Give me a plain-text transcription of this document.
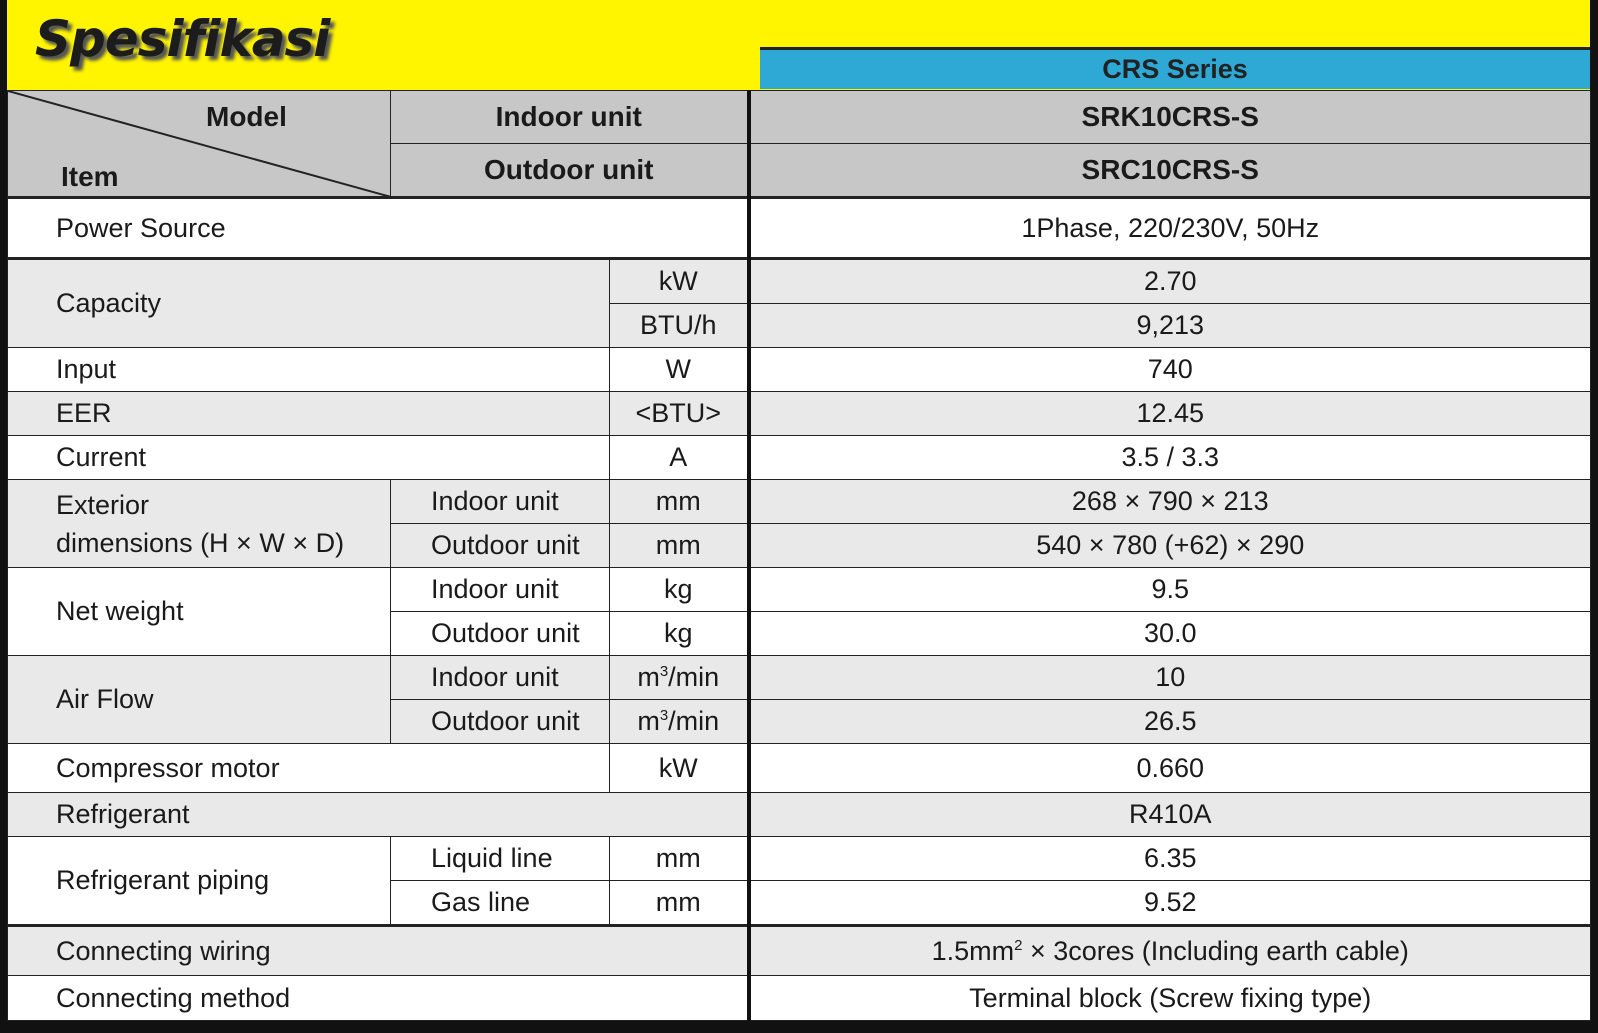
Spesifikasi
CRS Series
Model
Item	Indoor unit		SRK10CRS-S
	Outdoor unit		SRC10CRS-S
Power Source			1Phase, 220/230V, 50Hz
Capacity		kW	2.70
		BTU/h	9,213
Input		W	740
EER		<BTU>	12.45
Current		A	3.5 / 3.3

Exterior
dimensions (H × W × D)	Indoor unit	mm	268 × 790 × 213
	Outdoor unit	mm	540 × 780 (+62) × 290
Net weight	Indoor unit	kg	9.5
	Outdoor unit	kg	30.0
Air Flow	Indoor unit	$m^3/\min$	10
	Outdoor unit	$m^3/\min$	26.5
Compressor motor		kW	0.660
Refrigerant			R410A
Refrigerant piping	Liquid line	mm	6.35
	Gas line	mm	9.52
Connecting wiring			$1.5mm^2$ × 3cores (Including earth cable)
Connecting method			Terminal block (Screw fixing type)
